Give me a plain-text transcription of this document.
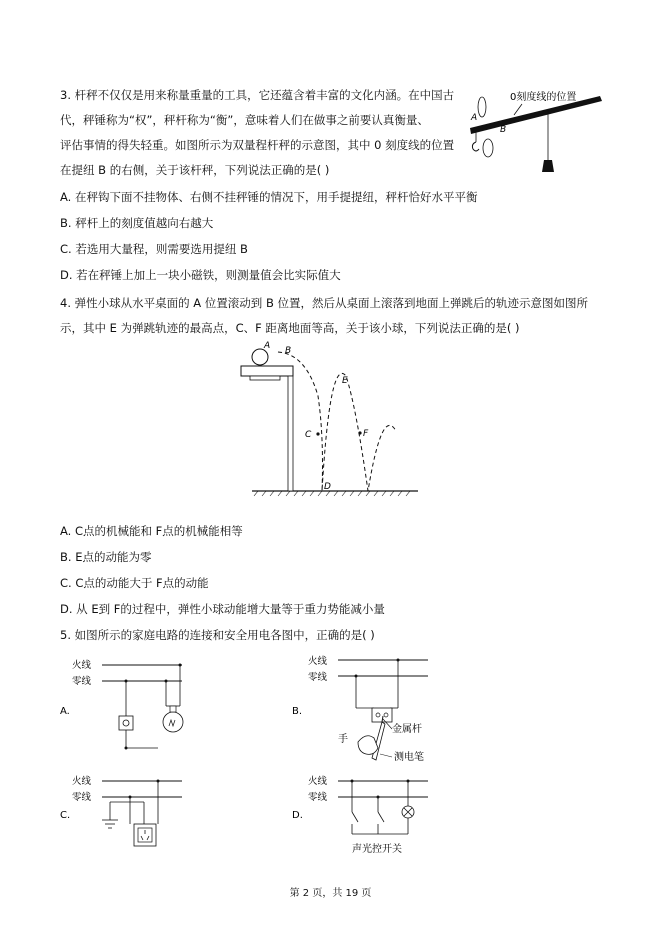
3. 杆秤不仅仅是用来称量重量的工具，它还蕴含着丰富的文化内涵。在中国古
代，秤锤称为“权”，秤杆称为“衡”，意味着人们在做事之前要认真衡量、
评估事情的得失轻重。如图所示为双量程杆秤的示意图，其中 0 刻度线的位置
在提纽 B 的右侧，关于该杆秤，下列说法正确的是( )
A. 在秤钩下面不挂物体、右侧不挂秤锤的情况下，用手提提纽，秤杆恰好水平平衡
B. 秤杆上的刻度值越向右越大
C. 若选用大量程，则需要选用提纽 B
D. 若在秤锤上加上一块小磁铁，则测量值会比实际值大
0刻度线的位置
A
B
4. 弹性小球从水平桌面的 A 位置滚动到 B 位置，然后从桌面上滚落到地面上弹跳后的轨迹示意图如图所
示，其中 E 为弹跳轨迹的最高点，C、F 距离地面等高，关于该小球，下列说法正确的是( )
A B
C
D
E
F
A. C点的机械能和 F点的机械能相等
B. E点的动能为零
C. C点的动能大于 F点的动能
D. 从 E到 F的过程中，弹性小球动能增大量等于重力势能减小量
5. 如图所示的家庭电路的连接和安全用电各图中，正确的是( )
火线
零线
A.
火线
零线
B.
金属杆
手
测电笔
火线
零线
C.
火线
零线
D.
声光控开关
第 2 页，共 19 页
